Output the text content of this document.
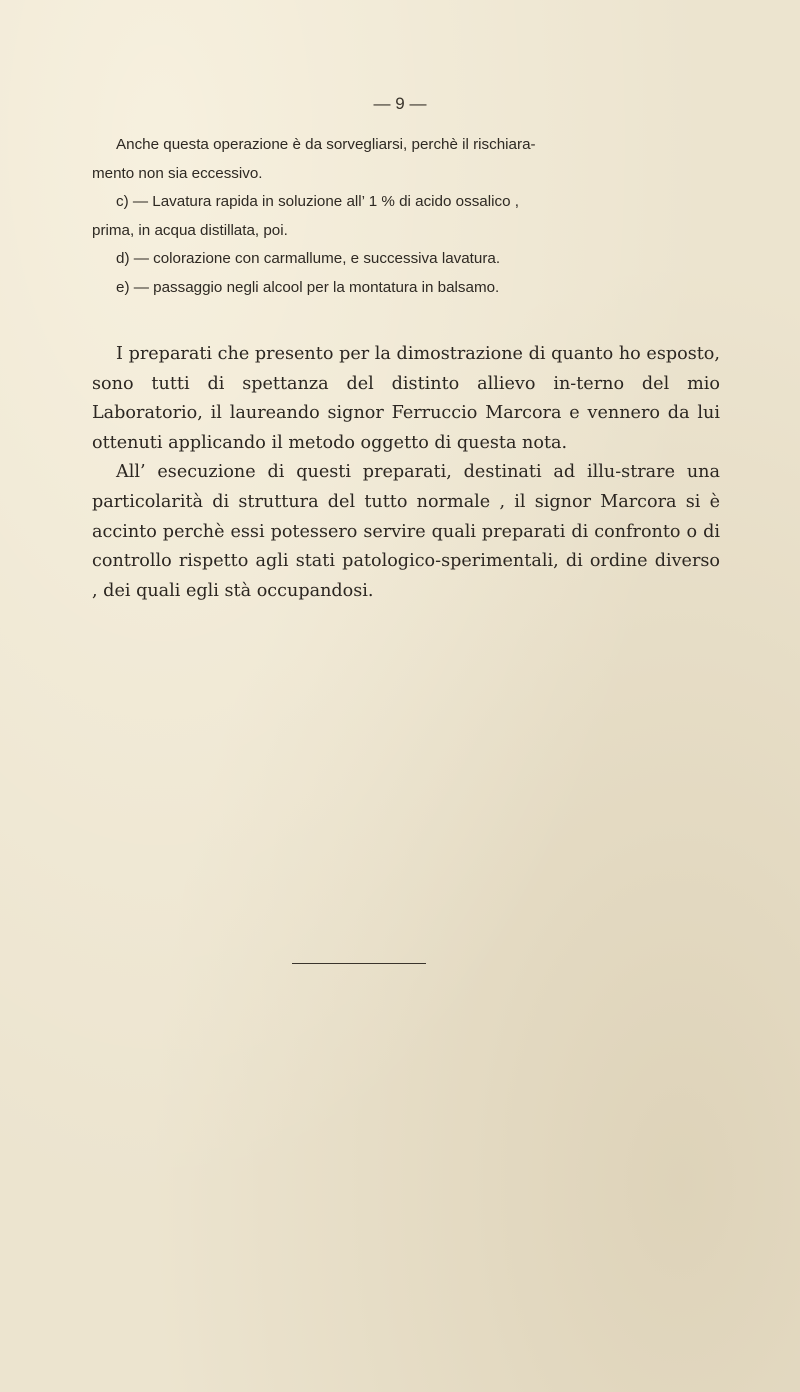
— 9 —

Anche questa operazione è da sorvegliarsi, perchè il rischiara-

mento non sia eccessivo.

c) — Lavatura rapida in soluzione all’ 1 % di acido ossalico ,

prima, in acqua distillata, poi.

d) — colorazione con carmallume, e successiva lavatura.

e) — passaggio negli alcool per la montatura in balsamo.

I preparati che presento per la dimostrazione di quanto ho esposto, sono tutti di spettanza del distinto allievo in-terno del mio Laboratorio, il laureando signor Ferruccio Marcora e vennero da lui ottenuti applicando il metodo oggetto di questa nota.

All’ esecuzione di questi preparati, destinati ad illu-strare una particolarità di struttura del tutto normale , il signor Marcora si è accinto perchè essi potessero servire quali preparati di confronto o di controllo rispetto agli stati patologico-sperimentali, di ordine diverso , dei quali egli stà occupandosi.
